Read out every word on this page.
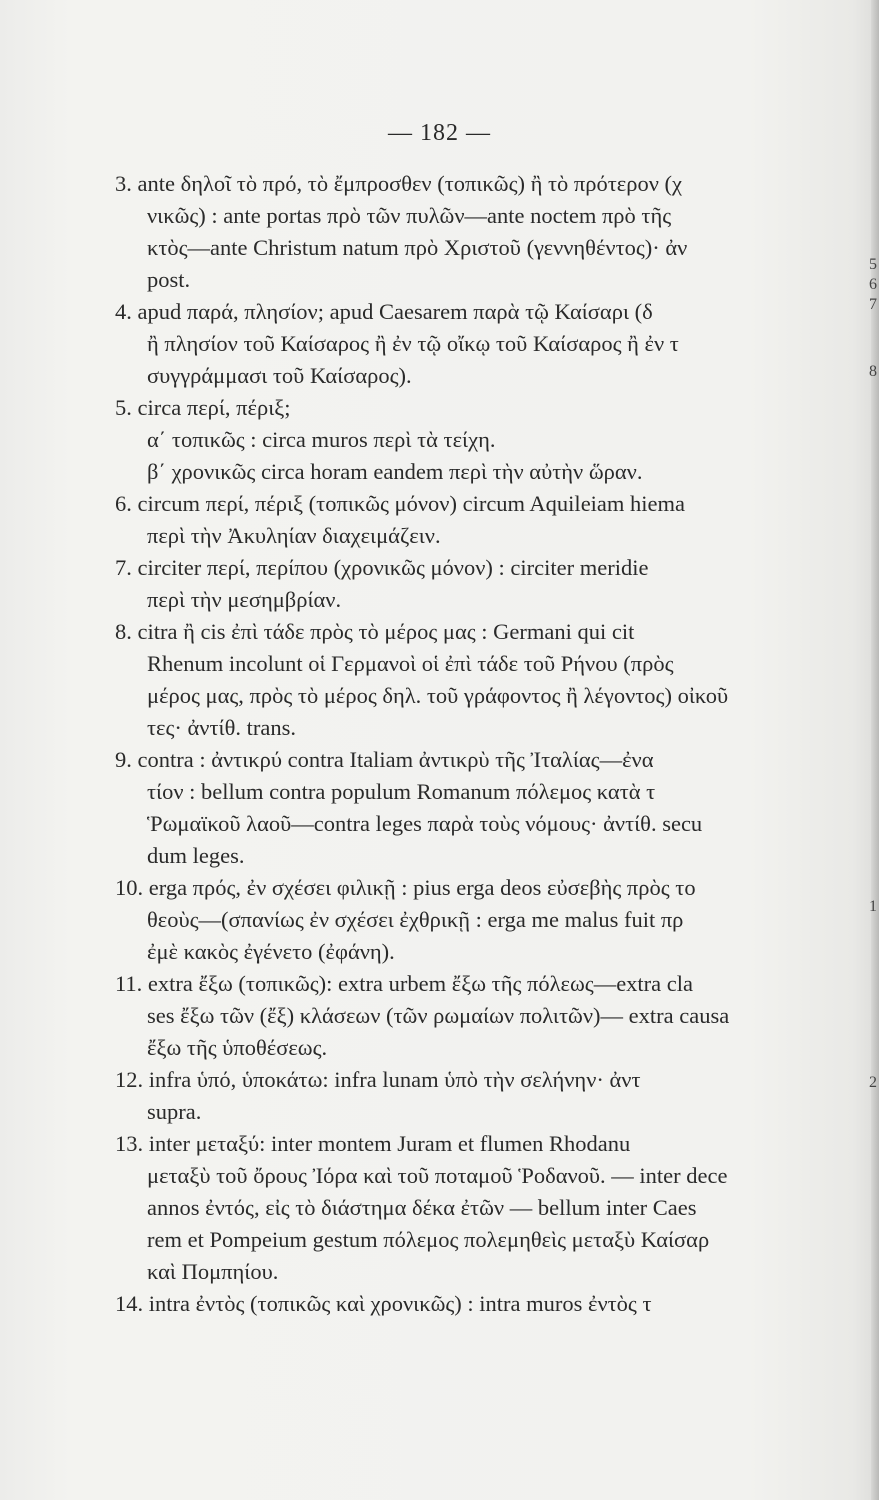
— 182 —
3. ante δηλοῖ τὸ πρό, τὸ ἔμπροσθεν (τοπικῶς) ἢ τὸ πρότερον (χ
νικῶς) : ante portas πρὸ τῶν πυλῶν—ante noctem πρὸ τῆς
κτὸς—ante Christum natum πρὸ Χριστοῦ (γεννηθέντος)· ἀν
post.
4. apud παρά, πλησίον; apud Caesarem παρὰ τῷ Καίσαρι (δ
ἢ πλησίον τοῦ Καίσαρος ἢ ἐν τῷ οἴκῳ τοῦ Καίσαρος ἢ ἐν τ
συγγράμμασι τοῦ Καίσαρος).
5. circa περί, πέριξ;
α΄ τοπικῶς : circa muros περὶ τὰ τείχη.
β΄ χρονικῶς circa horam eandem περὶ τὴν αὐτὴν ὥραν.
6. circum περί, πέριξ (τοπικῶς μόνον) circum Aquileiam hiema
περὶ τὴν Ἀκυληίαν διαχειμάζειν.
7. circiter περί, περίπου (χρονικῶς μόνον) : circiter meridie
περὶ τὴν μεσημβρίαν.
8. citra ἢ cis ἐπὶ τάδε πρὸς τὸ μέρος μας : Germani qui cit
Rhenum incolunt οἱ Γερμανοὶ οἱ ἐπὶ τάδε τοῦ Ρήνου (πρὸς
μέρος μας, πρὸς τὸ μέρος δηλ. τοῦ γράφοντος ἢ λέγοντος) οἰκοῦ
τες· ἀντίθ. trans.
9. contra : ἀντικρύ contra Italiam ἀντικρὺ τῆς Ἰταλίας—ἐνα
τίον : bellum contra populum Romanum πόλεμος κατὰ τ
Ῥωμαϊκοῦ λαοῦ—contra leges παρὰ τοὺς νόμους· ἀντίθ. secu
dum leges.
10. erga πρός, ἐν σχέσει φιλικῇ : pius erga deos εὐσεβὴς πρὸς το
θεοὺς—(σπανίως ἐν σχέσει ἐχθρικῇ : erga me malus fuit πρ
ἐμὲ κακὸς ἐγένετο (ἐφάνη).
11. extra ἔξω (τοπικῶς): extra urbem ἔξω τῆς πόλεως—extra cla
ses ἔξω τῶν (ἔξ) κλάσεων (τῶν ρωμαίων πολιτῶν)— extra causa
ἔξω τῆς ὑποθέσεως.
12. infra ὑπό, ὑποκάτω: infra lunam ὑπὸ τὴν σελήνην· ἀντ
supra.
13. inter μεταξύ: inter montem Juram et flumen Rhodanu
μεταξὺ τοῦ ὄρους Ἰόρα καὶ τοῦ ποταμοῦ Ῥοδανοῦ. — inter dece
annos ἐντός, εἰς τὸ διάστημα δέκα ἐτῶν — bellum inter Caes
rem et Pompeium gestum πόλεμος πολεμηθεὶς μεταξὺ Καίσαρ
καὶ Πομπηίου.
14. intra ἐντὸς (τοπικῶς καὶ χρονικῶς) : intra muros ἐντὸς τ
5
6
7
8
1
2
